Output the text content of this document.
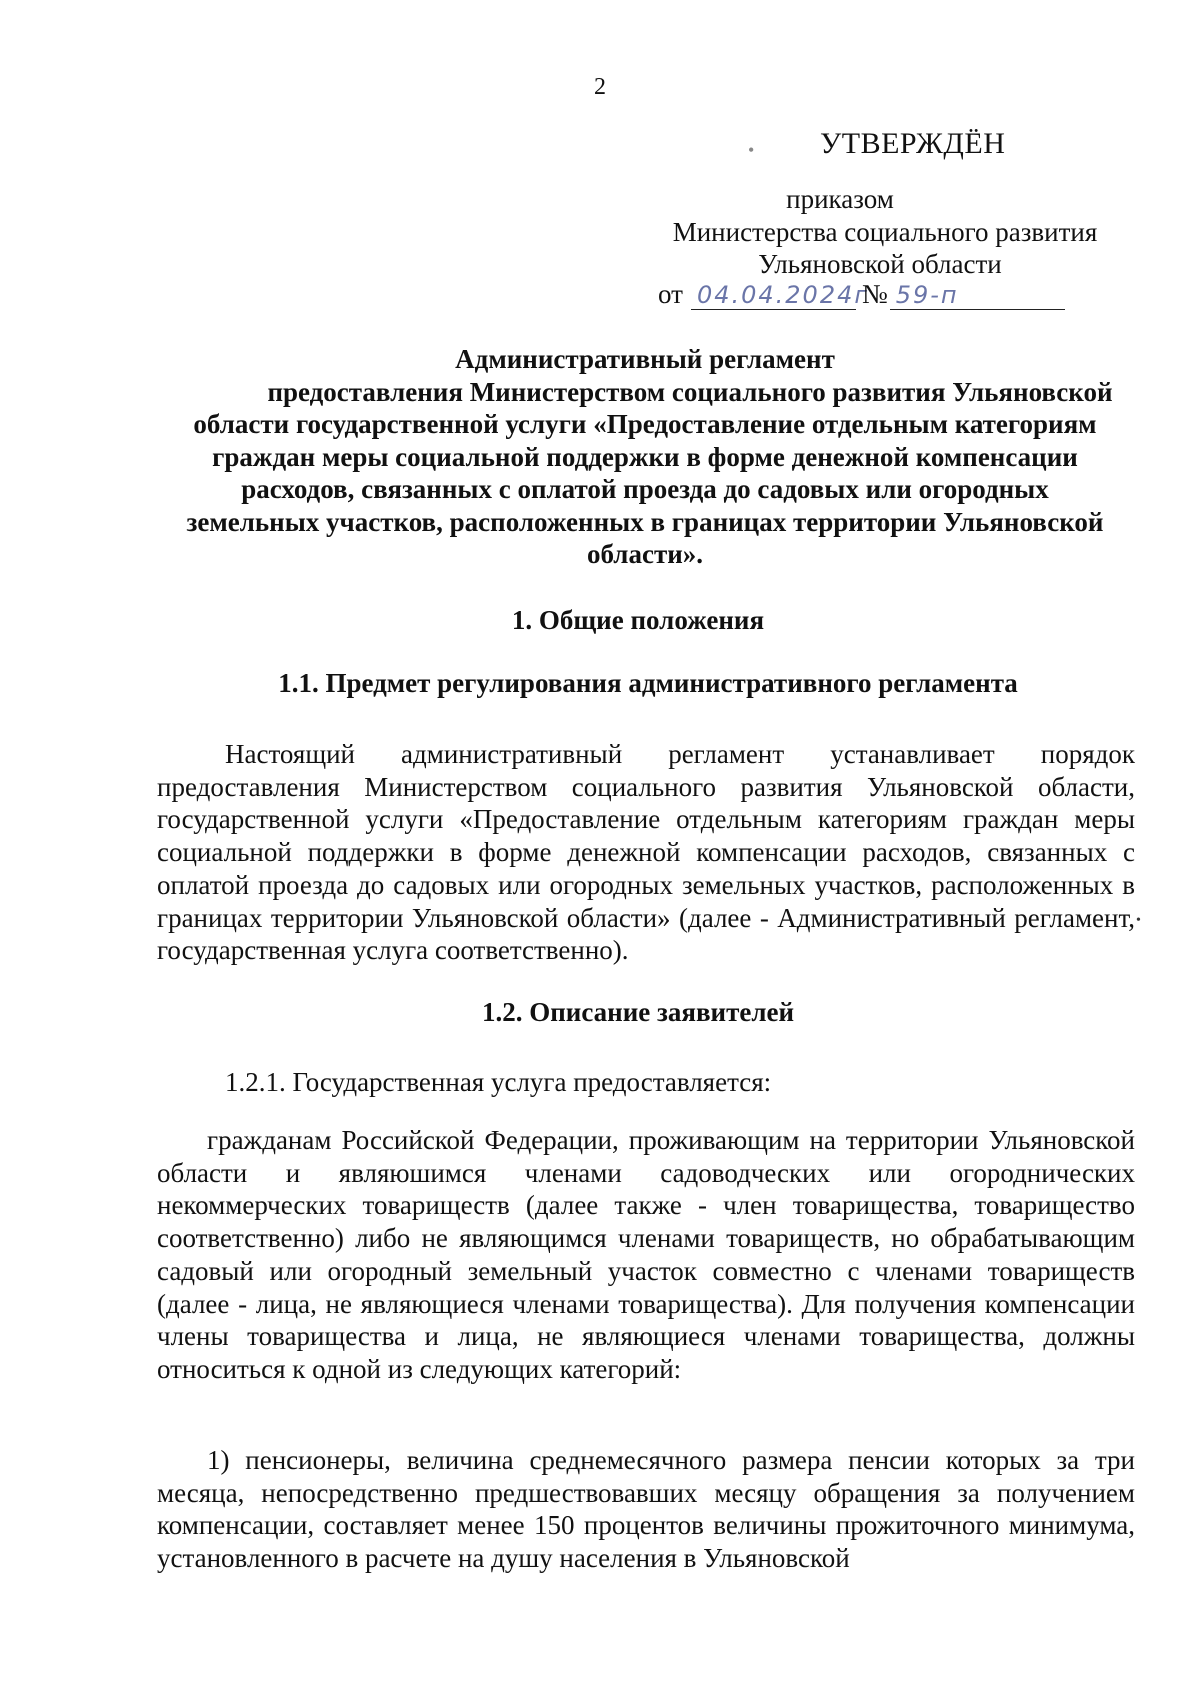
2
• УТВЕРЖДЁН
приказом
Министерства социального развития
Ульяновской области
от 04.04.2024г
№ 59-п
Административный регламент
предоставления Министерством социального развития Ульяновской
области государственной услуги «Предоставление отдельным категориям
граждан меры социальной поддержки в форме денежной компенсации
расходов, связанных с оплатой проезда до садовых или огородных
земельных участков, расположенных в границах территории Ульяновской
области».
1. Общие положения
1.1. Предмет регулирования административного регламента

Настоящий административный регламент устанавливает порядок предоставления Министерством социального развития Ульяновской области, государственной услуги «Предоставление отдельным категориям граждан меры социальной поддержки в форме денежной компенсации расходов, связанных с оплатой проезда до садовых или огородных земельных участков, расположенных в границах территории Ульяновской области» (далее - Административный регламент, государственная услуга соответственно).

•
1.2. Описание заявителей

1.2.1. Государственная услуга предоставляется:

гражданам Российской Федерации, проживающим на территории Ульяновской области и являюшимся членами садоводческих или огороднических некоммерческих товариществ (далее также - член товарищества, товарищество соответственно) либо не являющимся членами товариществ, но обрабатывающим садовый или огородный земельный участок совместно с членами товариществ (далее - лица, не являющиеся членами товарищества). Для получения компенсации члены товарищества и лица, не являющиеся членами товарищества, должны относиться к одной из следующих категорий:

1) пенсионеры, величина среднемесячного размера пенсии которых за три месяца, непосредственно предшествовавших месяцу обращения за получением компенсации, составляет менее 150 процентов величины прожиточного минимума, установленного в расчете на душу населения в Ульяновской
